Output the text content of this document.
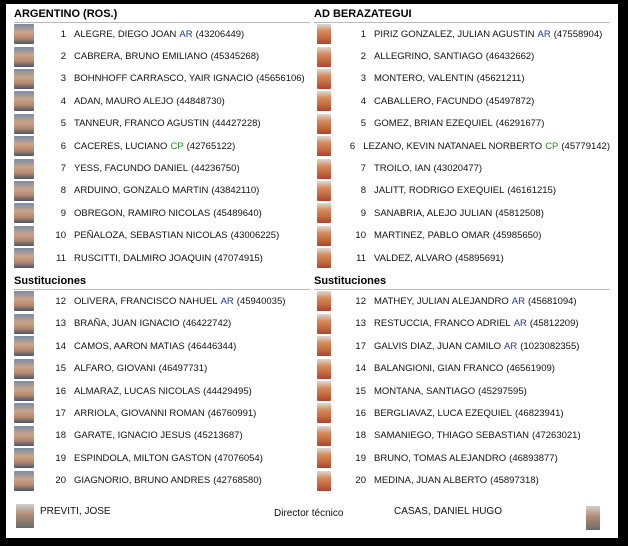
ARGENTINO (ROS.)
1 ALEGRE, DIEGO JOAN AR (43206449)
2 CABRERA, BRUNO EMILIANO (45345268)
3 BOHNHOFF CARRASCO, YAIR IGNACIO (45656106)
4 ADAN, MAURO ALEJO (44848730)
5 TANNEUR, FRANCO AGUSTIN (44427228)
6 CACERES, LUCIANO CP (42765122)
7 YESS, FACUNDO DANIEL (44236750)
8 ARDUINO, GONZALO MARTIN (43842110)
9 OBREGON, RAMIRO NICOLAS (45489640)
10 PEÑALOZA, SEBASTIAN NICOLAS (43006225)
11 RUSCITTI, DALMIRO JOAQUIN (47074915)
Sustituciones
12 OLIVERA, FRANCISCO NAHUEL AR (45940035)
13 BRAÑA, JUAN IGNACIO (46422742)
14 CAMOS, AARON MATIAS (46446344)
15 ALFARO, GIOVANI (46497731)
16 ALMARAZ, LUCAS NICOLAS (44429495)
17 ARRIOLA, GIOVANNI ROMAN (46760991)
18 GARATE, IGNACIO JESUS (45213687)
19 ESPINDOLA, MILTON GASTON (47076054)
20 GIAGNORIO, BRUNO ANDRES (42768580)
AD BERAZATEGUI
1 PIRIZ GONZALEZ, JULIAN AGUSTIN AR (47558904)
2 ALLEGRINO, SANTIAGO (46432662)
3 MONTERO, VALENTIN (45621211)
4 CABALLERO, FACUNDO (45497872)
5 GOMEZ, BRIAN EZEQUIEL (46291677)
6 LEZANO, KEVIN NATANAEL NORBERTO CP (45779142)
7 TROILO, IAN (43020477)
8 JALITT, RODRIGO EXEQUIEL (46161215)
9 SANABRIA, ALEJO JULIAN (45812508)
10 MARTINEZ, PABLO OMAR (45985650)
11 VALDEZ, ALVARO (45895691)
Sustituciones
12 MATHEY, JULIAN ALEJANDRO AR (45681094)
13 RESTUCCIA, FRANCO ADRIEL AR (45812209)
17 GALVIS DIAZ, JUAN CAMILO AR (1023082355)
14 BALANGIONI, GIAN FRANCO (46561909)
15 MONTANA, SANTIAGO (45297595)
16 BERGLIAVAZ, LUCA EZEQUIEL (46823941)
18 SAMANIEGO, THIAGO SEBASTIAN (47263021)
19 BRUNO, TOMAS ALEJANDRO (46893877)
20 MEDINA, JUAN ALBERTO (45897318)
PREVITI, JOSE	Director técnico	CASAS, DANIEL HUGO
